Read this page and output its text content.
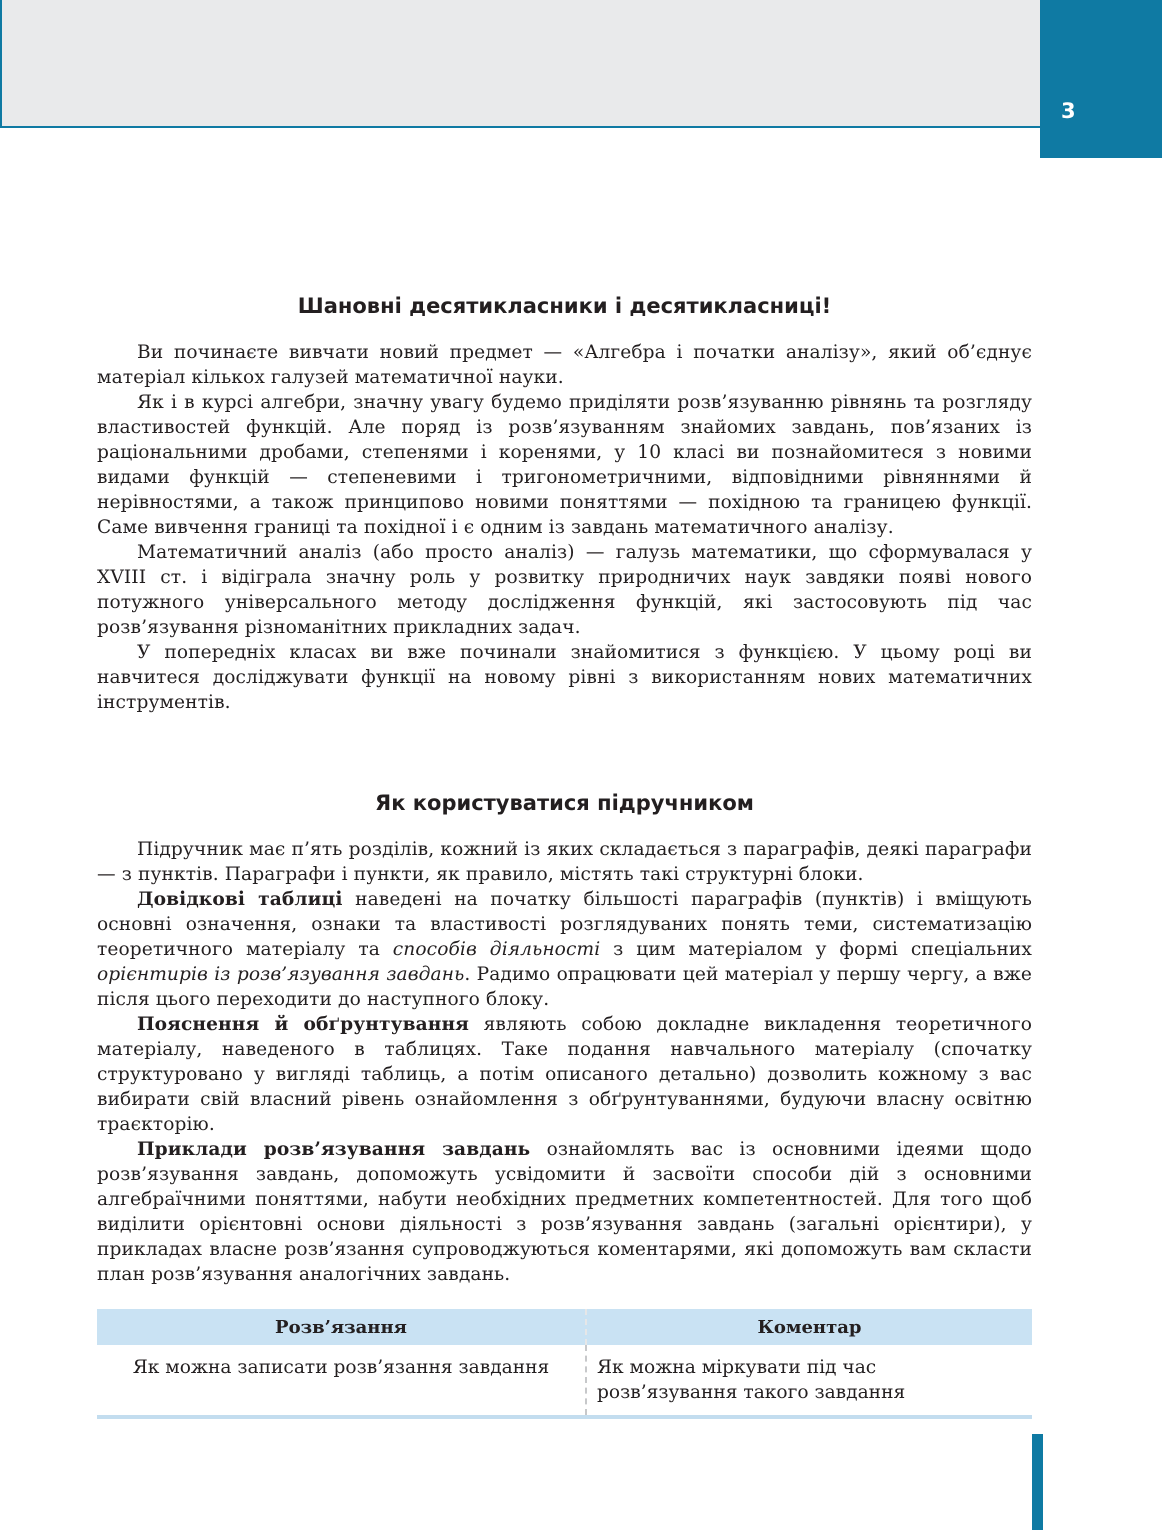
3
Шановні десятикласники і десятикласниці!

Ви починаєте вивчати новий предмет — «Алгебра і початки аналізу», який об’єднує матеріал кількох галузей математичної науки.

Як і в курсі алгебри, значну увагу будемо приділяти розв’язуванню рівнянь та розгляду властивостей функцій. Але поряд із розв’язуванням знайомих завдань, пов’язаних із раціональними дробами, степенями і коренями, у 10 класі ви познайомитеся з новими видами функцій — степеневими і тригонометричними, відповідними рівняннями й нерівностями, а також принципово новими поняттями — похідною та границею функції. Саме вивчення границі та похідної і є одним із завдань математичного аналізу.

Математичний аналіз (або просто аналіз) — галузь математики, що сформувалася у XVIII ст. і відіграла значну роль у розвитку природничих наук завдяки появі нового потужного універсального методу дослідження функцій, які застосовують під час розв’язування різноманітних прикладних задач.

У попередніх класах ви вже починали знайомитися з функцією. У цьому році ви навчитеся досліджувати функції на новому рівні з використанням нових математичних інструментів.

Як користуватися підручником

Підручник має п’ять розділів, кожний із яких складається з параграфів, деякі параграфи — з пунктів. Параграфи і пункти, як правило, містять такі структурні блоки.

Довідкові таблиці наведені на початку більшості параграфів (пунктів) і вміщують основні означення, ознаки та властивості розглядуваних понять теми, систематизацію теоретичного матеріалу та способів діяльності з цим матеріалом у формі спеціальних орієнтирів із розв’язування завдань. Радимо опрацювати цей матеріал у першу чергу, а вже після цього переходити до наступного блоку.

Пояснення й обґрунтування являють собою докладне викладення теоретичного матеріалу, наведеного в таблицях. Таке подання навчального матеріалу (спочатку структуровано у вигляді таблиць, а потім описаного детально) дозволить кожному з вас вибирати свій власний рівень ознайомлення з обґрунтуваннями, будуючи власну освітню траєкторію.

Приклади розв’язування завдань ознайомлять вас із основними ідеями щодо розв’язування завдань, допоможуть усвідомити й засвоїти способи дій з основними алгебраїчними поняттями, набути необхідних предметних компетентностей. Для того щоб виділити орієнтовні основи діяльності з розв’язування завдань (загальні орієнтири), у прикладах власне розв’язання супроводжуються коментарями, які допоможуть вам скласти план розв’язування аналогічних завдань.

Розв’язання	Коментар
Як можна записати розв’язання завдання	Як можна міркувати під час розв’язування такого завдання
